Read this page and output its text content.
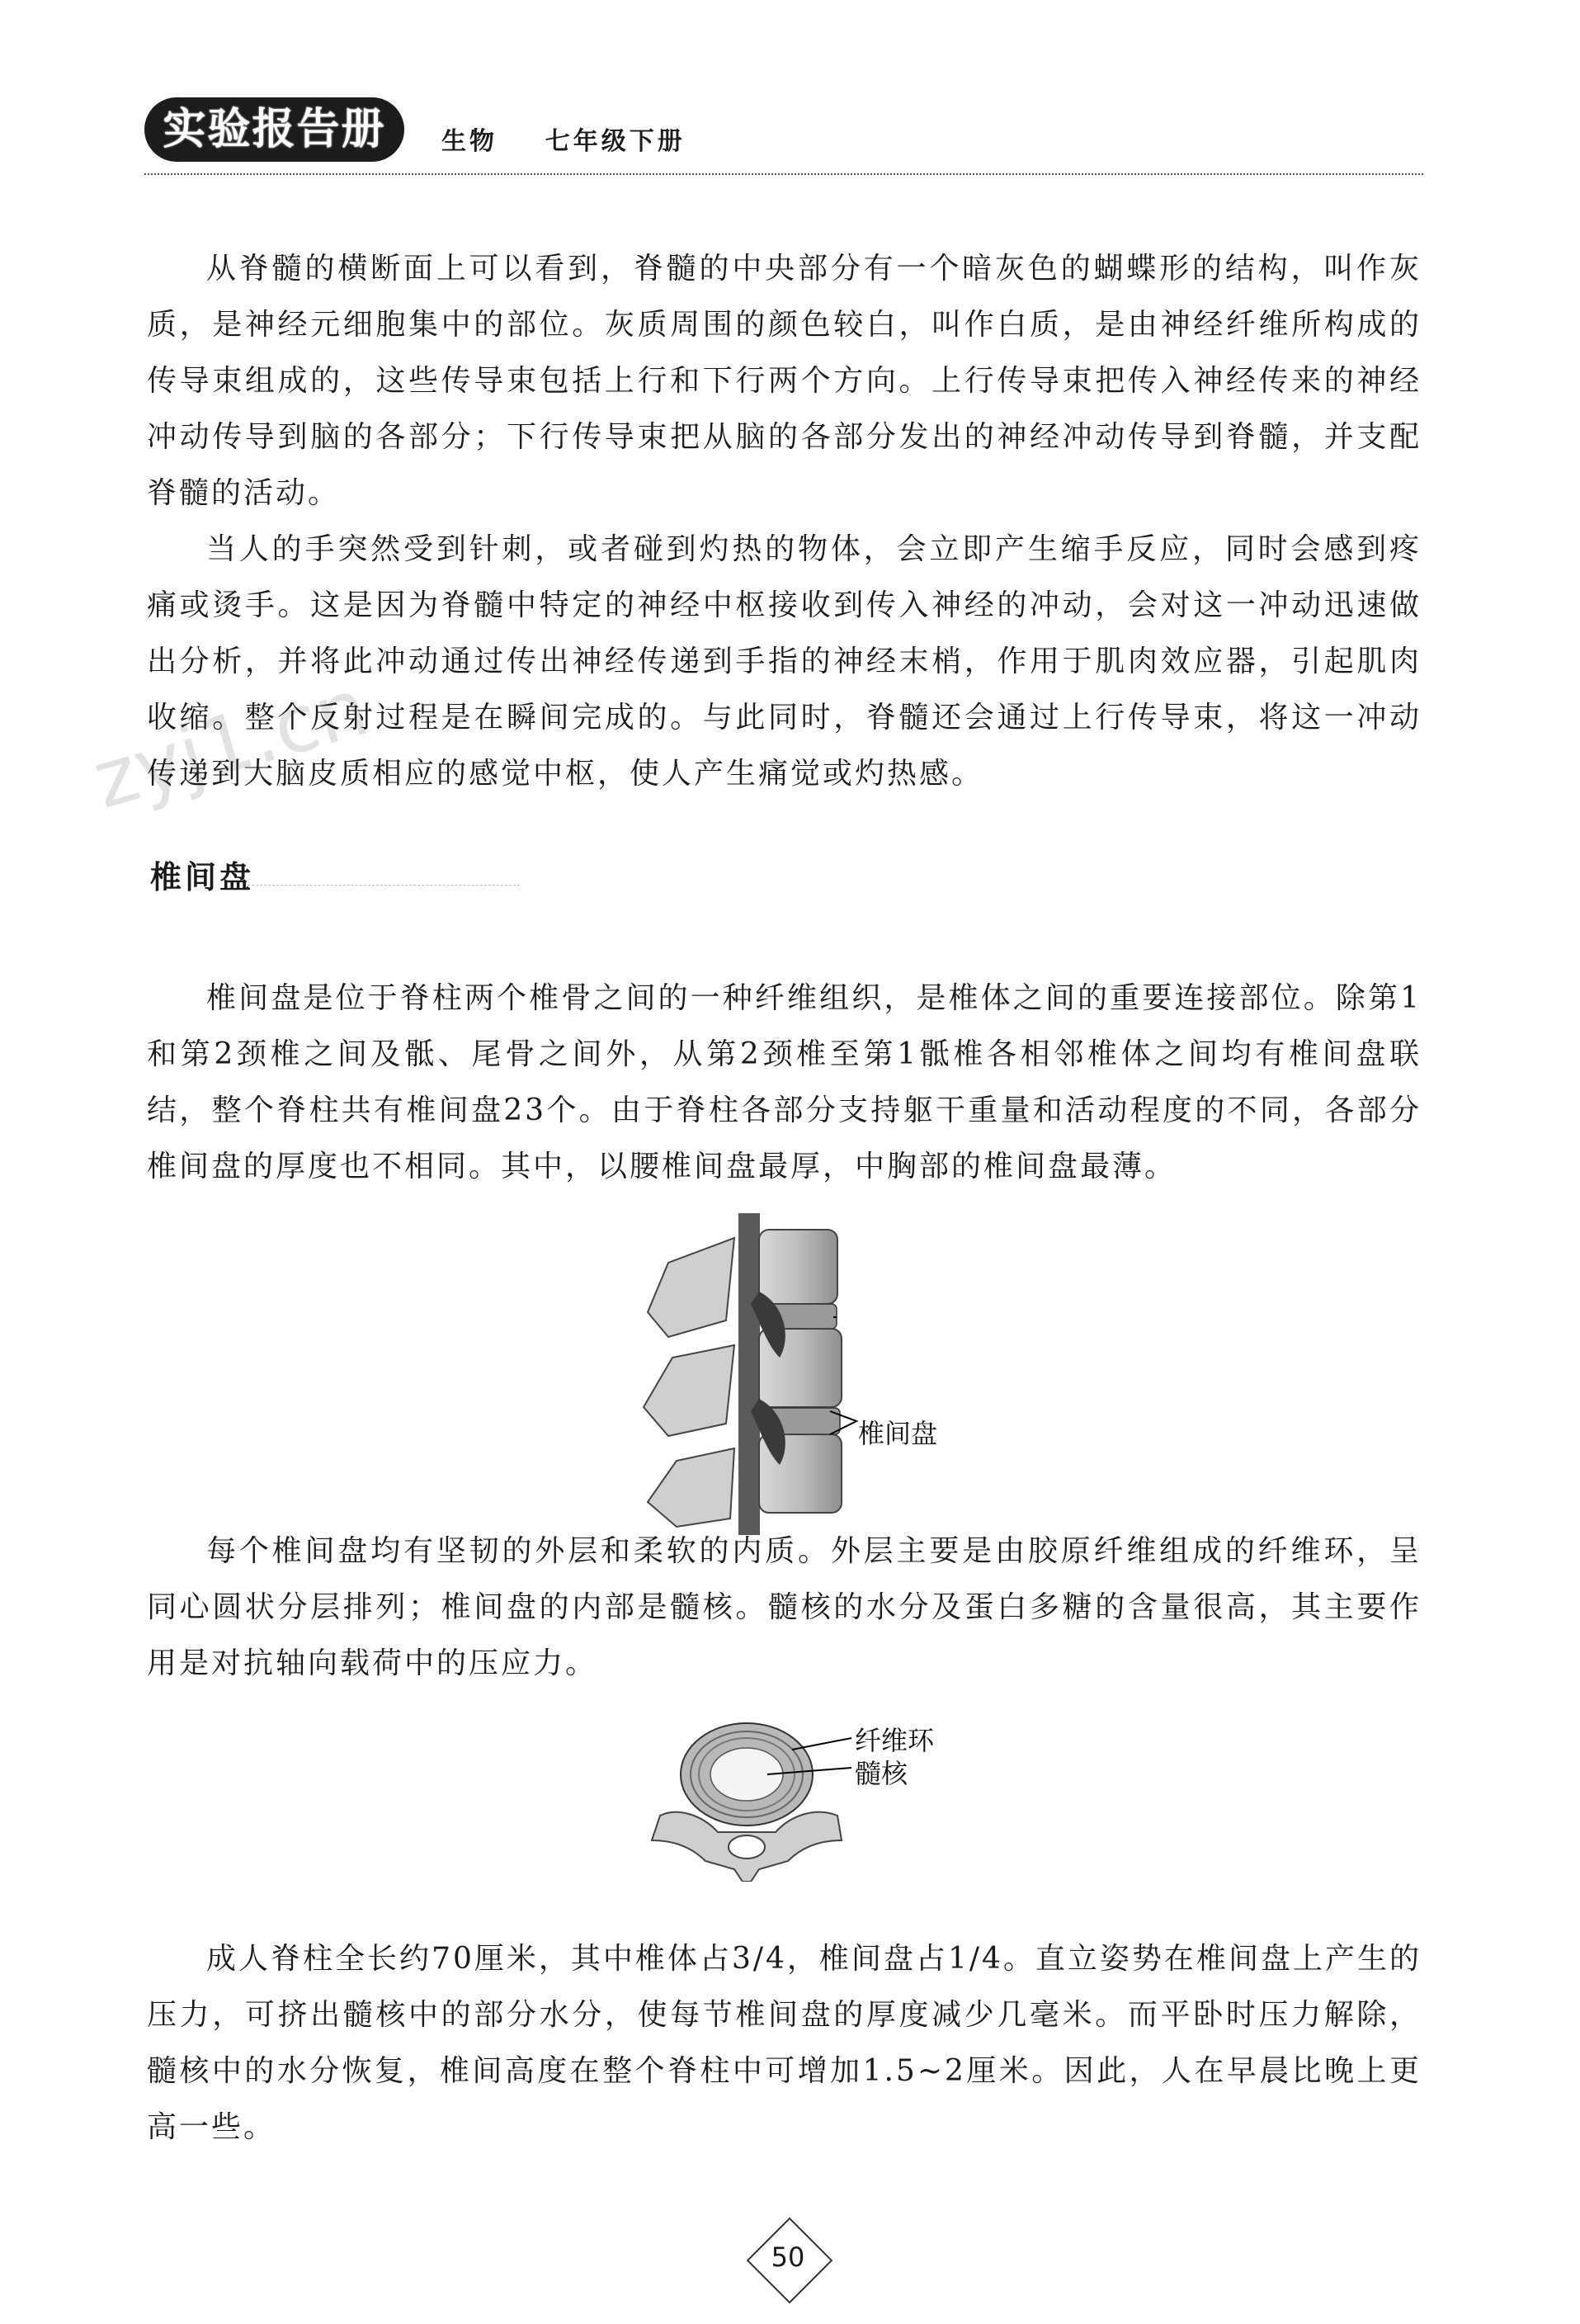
实验报告册	生物    七年级下册
zyj1.cn

从脊髓的横断面上可以看到，脊髓的中央部分有一个暗灰色的蝴蝶形的结构，叫作灰质，是神经元细胞集中的部位。灰质周围的颜色较白，叫作白质，是由神经纤维所构成的传导束组成的，这些传导束包括上行和下行两个方向。上行传导束把传入神经传来的神经冲动传导到脑的各部分；下行传导束把从脑的各部分发出的神经冲动传导到脊髓，并支配脊髓的活动。

当人的手突然受到针刺，或者碰到灼热的物体，会立即产生缩手反应，同时会感到疼痛或烫手。这是因为脊髓中特定的神经中枢接收到传入神经的冲动，会对这一冲动迅速做出分析，并将此冲动通过传出神经传递到手指的神经末梢，作用于肌肉效应器，引起肌肉收缩。整个反射过程是在瞬间完成的。与此同时，脊髓还会通过上行传导束，将这一冲动传递到大脑皮质相应的感觉中枢，使人产生痛觉或灼热感。

椎间盘

椎间盘是位于脊柱两个椎骨之间的一种纤维组织，是椎体之间的重要连接部位。除第1和第2颈椎之间及骶、尾骨之间外，从第2颈椎至第1骶椎各相邻椎体之间均有椎间盘联结，整个脊柱共有椎间盘23个。由于脊柱各部分支持躯干重量和活动程度的不同，各部分椎间盘的厚度也不相同。其中，以腰椎间盘最厚，中胸部的椎间盘最薄。

椎间盘

每个椎间盘均有坚韧的外层和柔软的内质。外层主要是由胶原纤维组成的纤维环，呈同心圆状分层排列；椎间盘的内部是髓核。髓核的水分及蛋白多糖的含量很高，其主要作用是对抗轴向载荷中的压应力。

纤维环
髓核

成人脊柱全长约70厘米，其中椎体占3/4，椎间盘占1/4。直立姿势在椎间盘上产生的压力，可挤出髓核中的部分水分，使每节椎间盘的厚度减少几毫米。而平卧时压力解除，髓核中的水分恢复，椎间高度在整个脊柱中可增加1.5~2厘米。因此，人在早晨比晚上更高一些。

50
